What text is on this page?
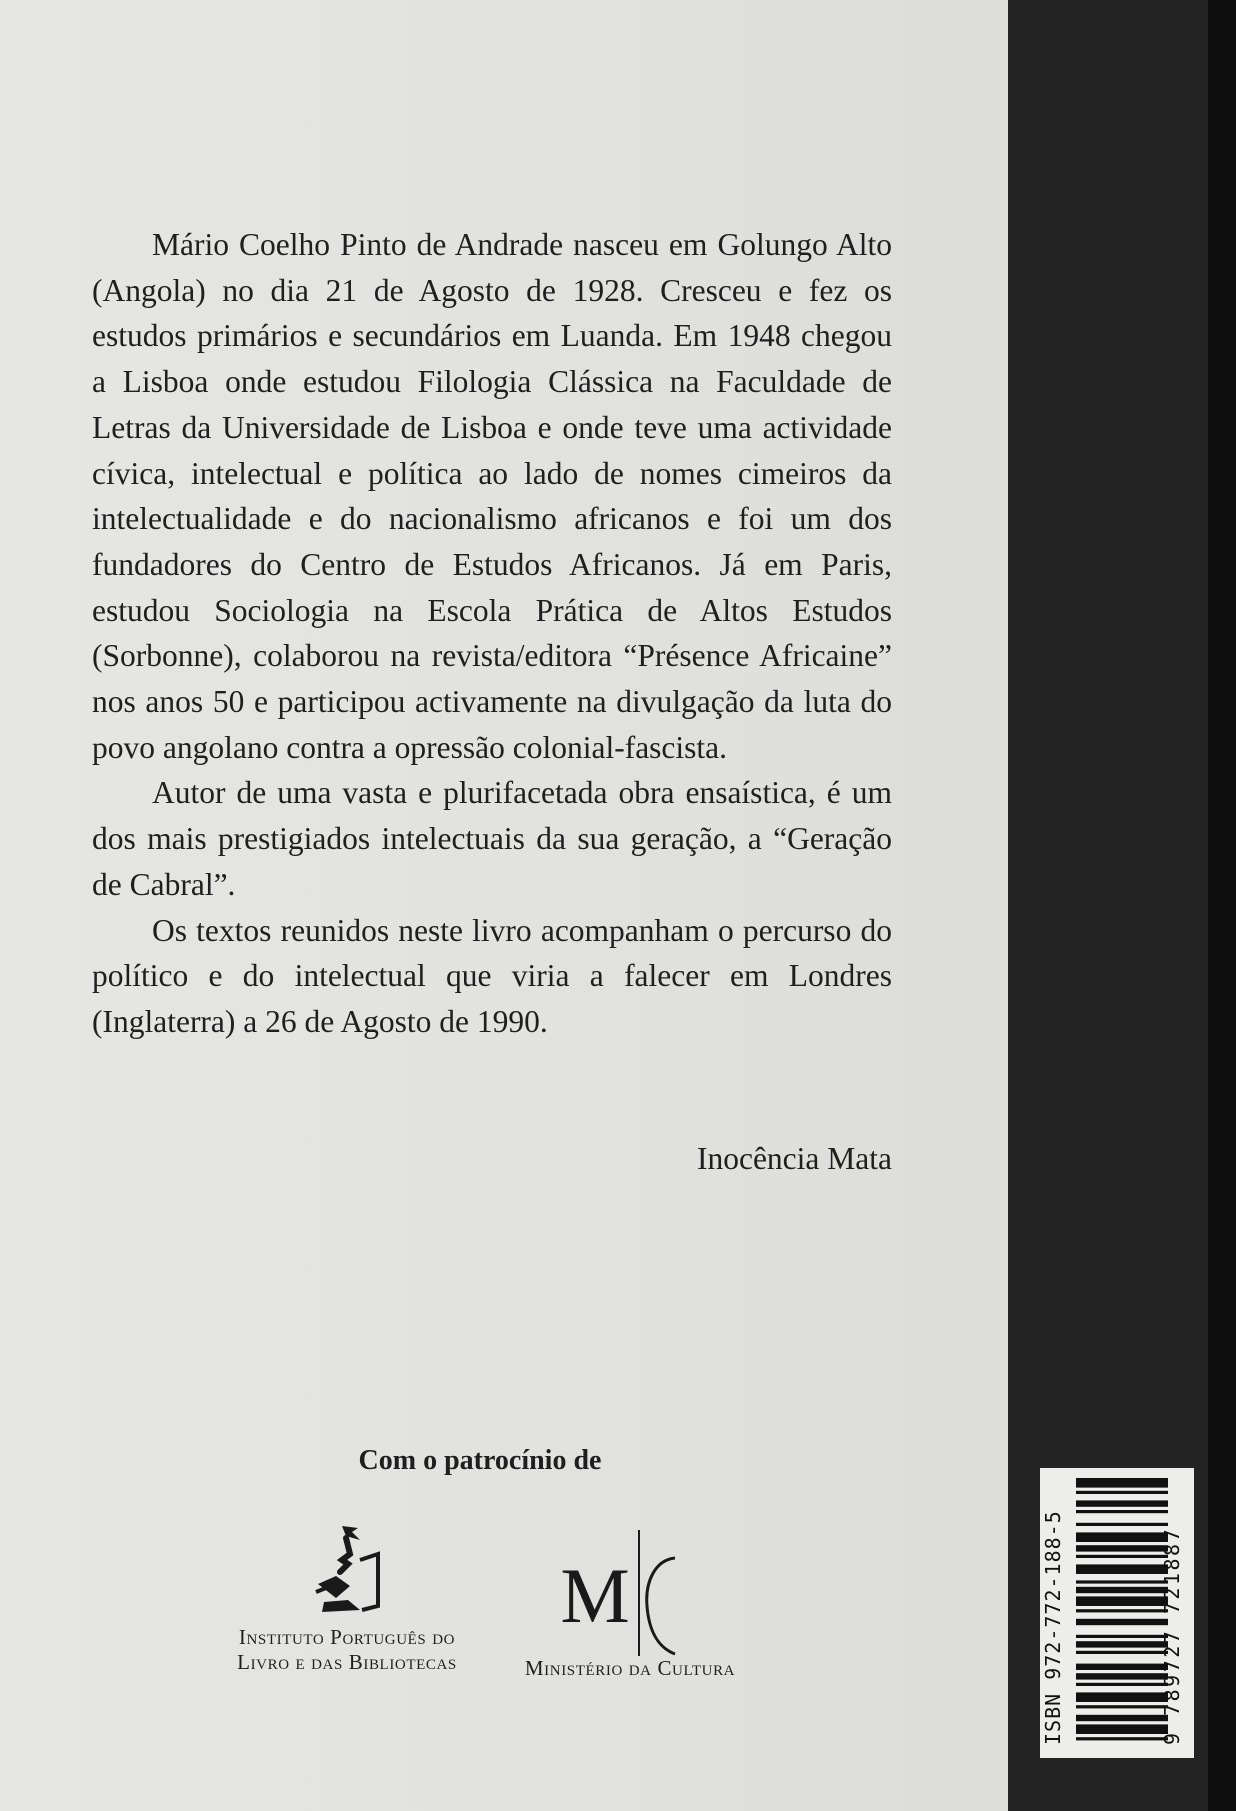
Mário Coelho Pinto de Andrade nasceu em Golungo Alto (Angola) no dia 21 de Agosto de 1928. Cresceu e fez os estudos primários e secundários em Luanda. Em 1948 chegou a Lisboa onde estudou Filologia Clássica na Faculdade de Letras da Universidade de Lisboa e onde teve uma actividade cívica, intelectual e política ao lado de nomes cimeiros da intelectualidade e do nacionalismo africanos e foi um dos fundadores do Centro de Estudos Africanos. Já em Paris, estudou Sociologia na Escola Prática de Altos Estudos (Sorbonne), colaborou na revista/editora “Présence Africaine” nos anos 50 e participou activamente na divulgação da luta do povo angolano contra a opressão colonial-fascista.

Autor de uma vasta e plurifacetada obra ensaística, é um dos mais prestigiados intelectuais da sua geração, a “Geração de Cabral”.

Os textos reunidos neste livro acompanham o percurso do político e do intelectual que viria a falecer em Londres (Inglaterra) a 26 de Agosto de 1990.

Inocência Mata
Com o patrocínio de
Instituto Português do
Livro e das Bibliotecas
M
Ministério da Cultura	ISBN 972-772-188-5	9 789727 721887
